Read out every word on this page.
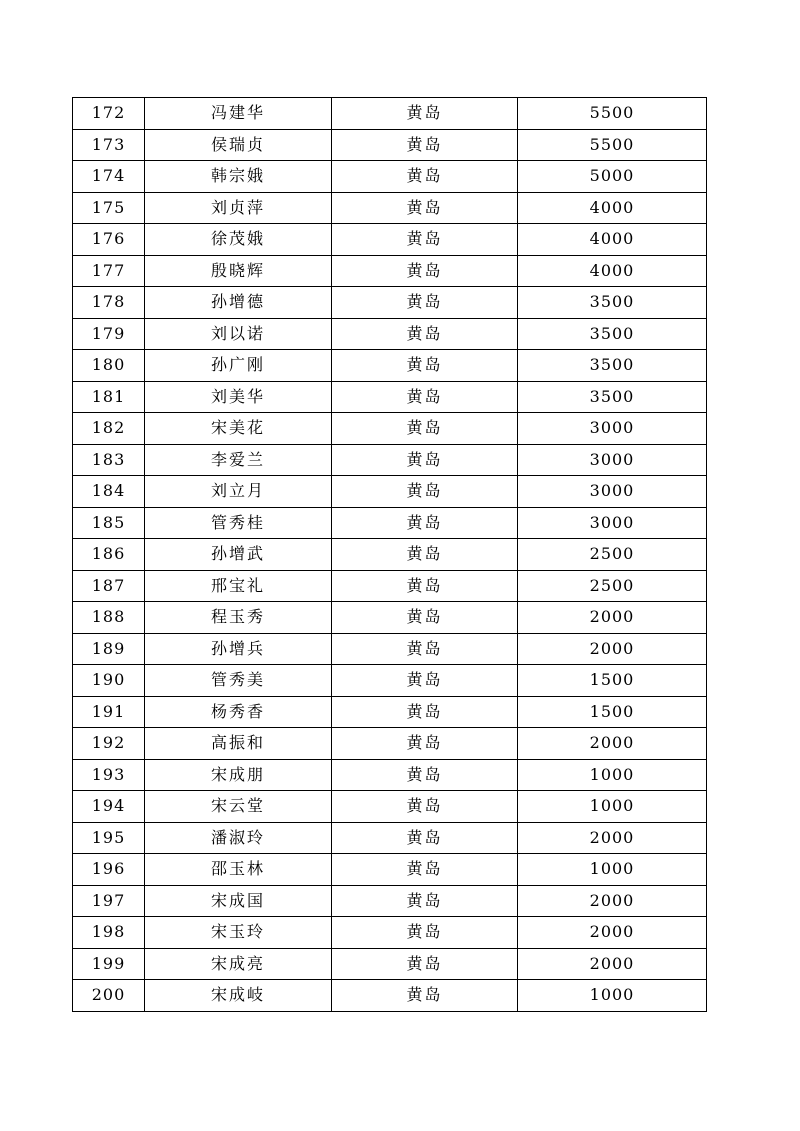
172	冯建华	黄岛	5500
173	侯瑞贞	黄岛	5500
174	韩宗娥	黄岛	5000
175	刘贞萍	黄岛	4000
176	徐茂娥	黄岛	4000
177	殷晓辉	黄岛	4000
178	孙增德	黄岛	3500
179	刘以诺	黄岛	3500
180	孙广刚	黄岛	3500
181	刘美华	黄岛	3500
182	宋美花	黄岛	3000
183	李爱兰	黄岛	3000
184	刘立月	黄岛	3000
185	管秀桂	黄岛	3000
186	孙增武	黄岛	2500
187	邢宝礼	黄岛	2500
188	程玉秀	黄岛	2000
189	孙增兵	黄岛	2000
190	管秀美	黄岛	1500
191	杨秀香	黄岛	1500
192	高振和	黄岛	2000
193	宋成朋	黄岛	1000
194	宋云堂	黄岛	1000
195	潘淑玲	黄岛	2000
196	邵玉林	黄岛	1000
197	宋成国	黄岛	2000
198	宋玉玲	黄岛	2000
199	宋成亮	黄岛	2000
200	宋成岐	黄岛	1000
